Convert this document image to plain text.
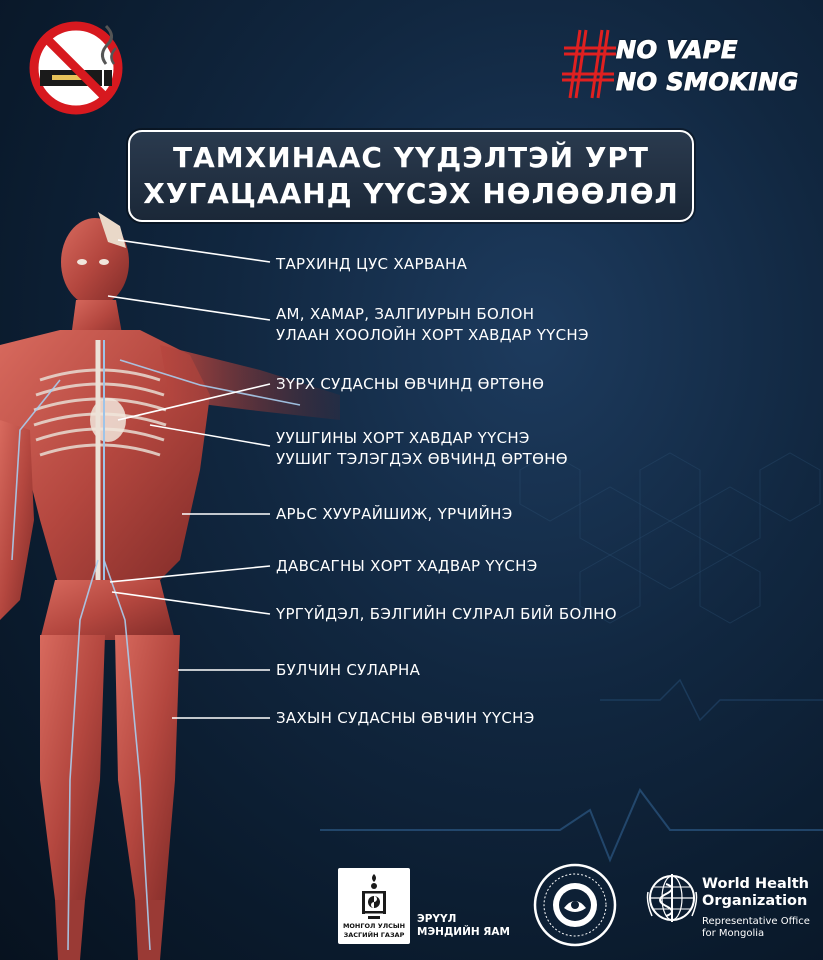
NO VAPE
NO SMOKING
ТАМХИНААС ҮҮДЭЛТЭЙ УРТ
ХУГАЦААНД ҮҮСЭХ НӨЛӨӨЛӨЛ
ТАРХИНД ЦУС ХАРВАНА
АМ, ХАМАР, ЗАЛГИУРЫН БОЛОН
УЛААН ХООЛОЙН ХОРТ ХАВДАР ҮҮСНЭ
ЗҮРХ СУДАСНЫ ӨВЧИНД ӨРТӨНӨ
УУШГИНЫ ХОРТ ХАВДАР ҮҮСНЭ
УУШИГ ТЭЛЭГДЭХ ӨВЧИНД ӨРТӨНӨ
АРЬС ХУУРАЙШИЖ, ҮРЧИЙНЭ
ДАВСАГНЫ ХОРТ ХАДВАР ҮҮСНЭ
ҮРГҮЙДЭЛ, БЭЛГИЙН СУЛРАЛ БИЙ БОЛНО
БУЛЧИН СУЛАРНА
ЗАХЫН СУДАСНЫ ӨВЧИН ҮҮСНЭ
МОНГОЛ УЛСЫН
ЗАСГИЙН ГАЗАР
ЭРҮҮЛ
МЭНДИЙН ЯАМ
World Health
Organization
Representative Office
for Mongolia
